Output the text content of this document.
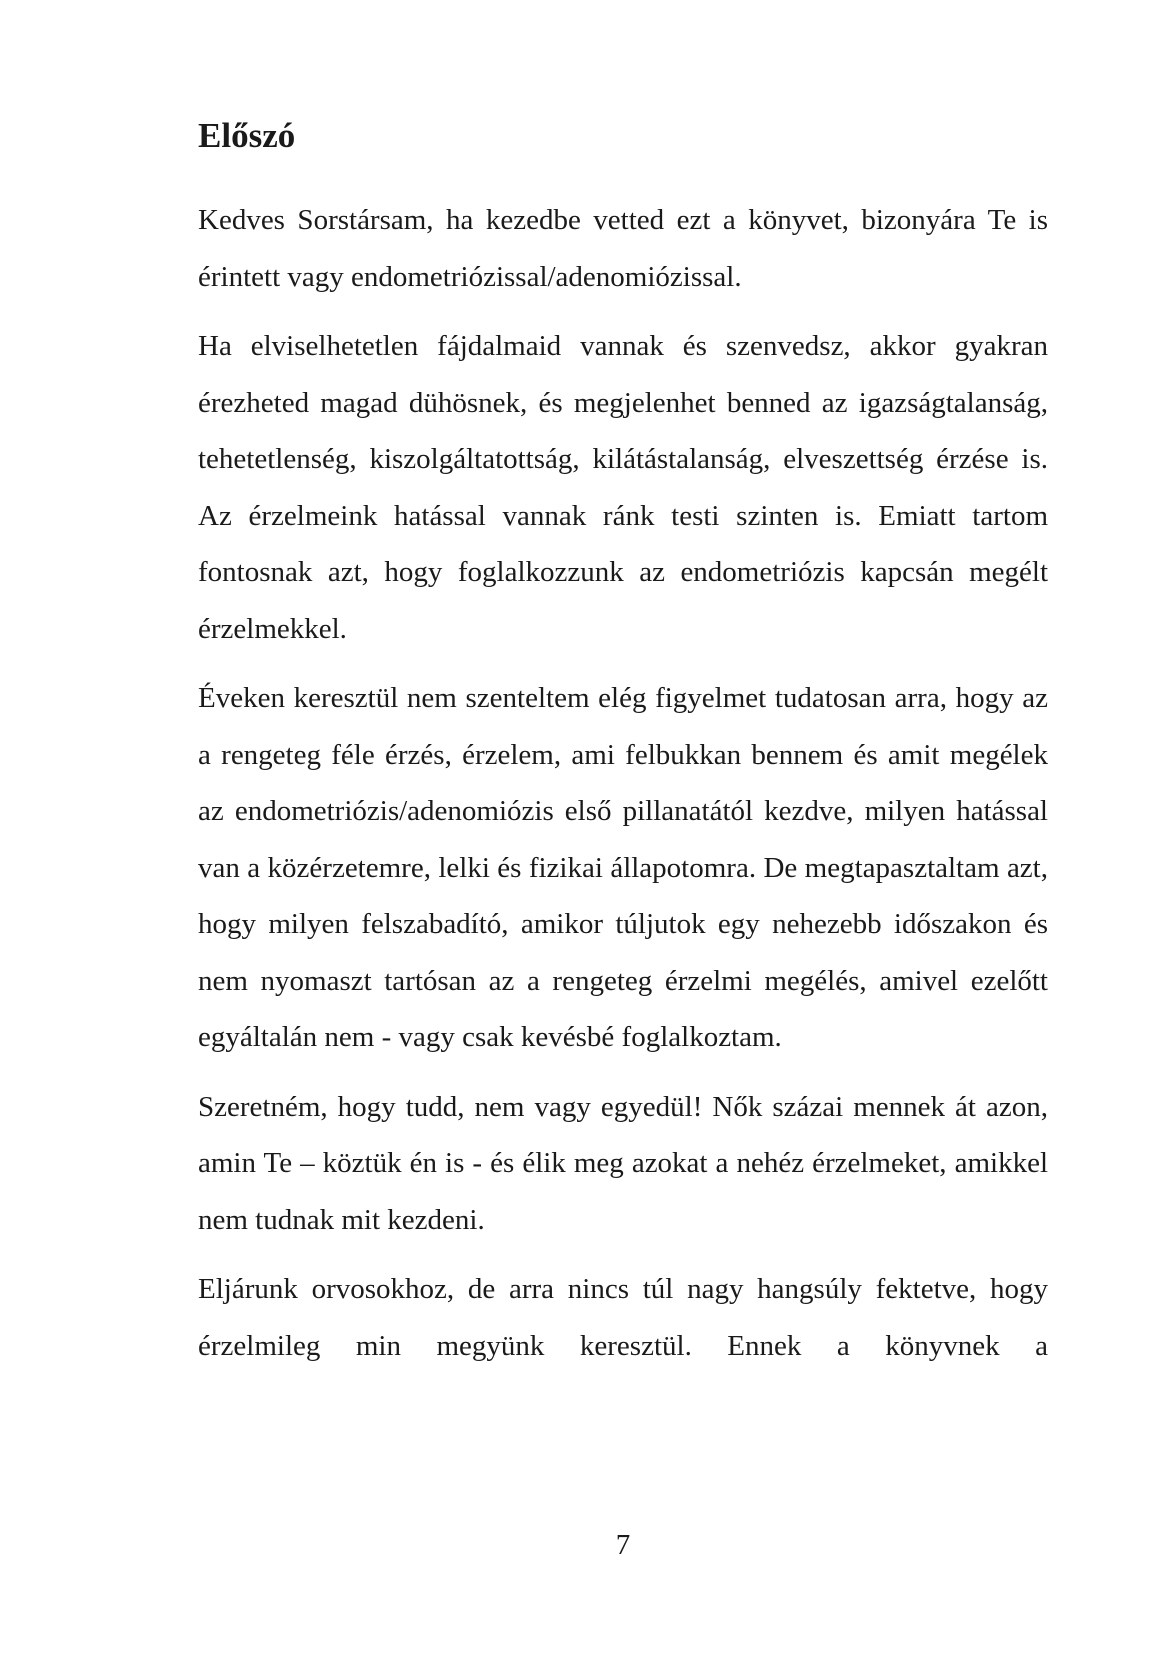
Előszó

Kedves Sorstársam, ha kezedbe vetted ezt a könyvet, bizonyára Te is érintett vagy endometriózissal/adenomiózissal.

Ha elviselhetetlen fájdalmaid vannak és szenvedsz, akkor gyakran érezheted magad dühösnek, és megjelenhet benned az igazságtalanság, tehetetlenség, kiszolgáltatottság, kilátástalanság, elveszettség érzése is. Az érzelmeink hatással vannak ránk testi szinten is. Emiatt tartom fontosnak azt, hogy foglalkozzunk az endometriózis kapcsán megélt érzelmekkel.

Éveken keresztül nem szenteltem elég figyelmet tudatosan arra, hogy az a rengeteg féle érzés, érzelem, ami felbukkan bennem és amit megélek az endometriózis/adenomiózis első pillanatától kezdve, milyen hatással van a közérzetemre, lelki és fizikai állapotomra. De megtapasztaltam azt, hogy milyen felszabadító, amikor túljutok egy nehezebb időszakon és nem nyomaszt tartósan az a rengeteg érzelmi megélés, amivel ezelőtt egyáltalán nem - vagy csak kevésbé foglalkoztam.

Szeretném, hogy tudd, nem vagy egyedül! Nők százai mennek át azon, amin Te – köztük én is - és élik meg azokat a nehéz érzelmeket, amikkel nem tudnak mit kezdeni.

Eljárunk orvosokhoz, de arra nincs túl nagy hangsúly fektetve, hogy érzelmileg min megyünk keresztül. Ennek a könyvnek a

7
